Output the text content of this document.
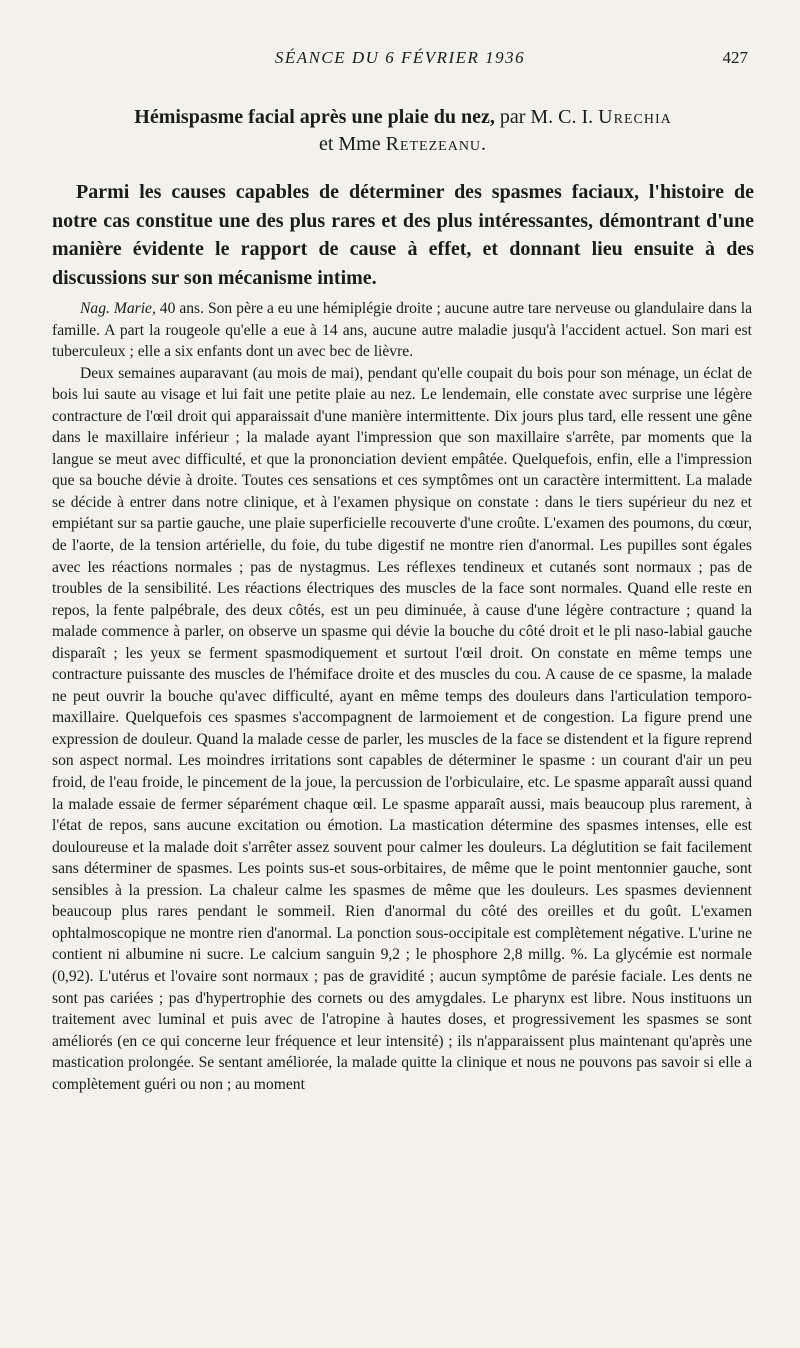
SÉANCE DU 6 FÉVRIER 1936	427
Hémispasme facial après une plaie du nez, par M. C. I. Urechia
et Mme Retezeanu.

Parmi les causes capables de déterminer des spasmes faciaux, l'histoire de notre cas constitue une des plus rares et des plus intéressantes, démontrant d'une manière évidente le rapport de cause à effet, et donnant lieu ensuite à des discussions sur son mécanisme intime.

Nag. Marie, 40 ans. Son père a eu une hémiplégie droite ; aucune autre tare nerveuse ou glandulaire dans la famille. A part la rougeole qu'elle a eue à 14 ans, aucune autre maladie jusqu'à l'accident actuel. Son mari est tuberculeux ; elle a six enfants dont un avec bec de lièvre.

Deux semaines auparavant (au mois de mai), pendant qu'elle coupait du bois pour son ménage, un éclat de bois lui saute au visage et lui fait une petite plaie au nez. Le lendemain, elle constate avec surprise une légère contracture de l'œil droit qui apparaissait d'une manière intermittente. Dix jours plus tard, elle ressent une gêne dans le maxillaire inférieur ; la malade ayant l'impression que son maxillaire s'arrête, par moments que la langue se meut avec difficulté, et que la prononciation devient empâtée. Quelquefois, enfin, elle a l'impression que sa bouche dévie à droite. Toutes ces sensations et ces symptômes ont un caractère intermittent. La malade se décide à entrer dans notre clinique, et à l'examen physique on constate : dans le tiers supérieur du nez et empiétant sur sa partie gauche, une plaie superficielle recouverte d'une croûte. L'examen des poumons, du cœur, de l'aorte, de la tension artérielle, du foie, du tube digestif ne montre rien d'anormal. Les pupilles sont égales avec les réactions normales ; pas de nystagmus. Les réflexes tendineux et cutanés sont normaux ; pas de troubles de la sensibilité. Les réactions électriques des muscles de la face sont normales. Quand elle reste en repos, la fente palpébrale, des deux côtés, est un peu diminuée, à cause d'une légère contracture ; quand la malade commence à parler, on observe un spasme qui dévie la bouche du côté droit et le pli naso-labial gauche disparaît ; les yeux se ferment spasmodiquement et surtout l'œil droit. On constate en même temps une contracture puissante des muscles de l'hémiface droite et des muscles du cou. A cause de ce spasme, la malade ne peut ouvrir la bouche qu'avec difficulté, ayant en même temps des douleurs dans l'articulation temporo-maxillaire. Quelquefois ces spasmes s'accompagnent de larmoiement et de congestion. La figure prend une expression de douleur. Quand la malade cesse de parler, les muscles de la face se distendent et la figure reprend son aspect normal. Les moindres irritations sont capables de déterminer le spasme : un courant d'air un peu froid, de l'eau froide, le pincement de la joue, la percussion de l'orbiculaire, etc. Le spasme apparaît aussi quand la malade essaie de fermer séparément chaque œil. Le spasme apparaît aussi, mais beaucoup plus rarement, à l'état de repos, sans aucune excitation ou émotion. La mastication détermine des spasmes intenses, elle est douloureuse et la malade doit s'arrêter assez souvent pour calmer les douleurs. La déglutition se fait facilement sans déterminer de spasmes. Les points sus-et sous-orbitaires, de même que le point mentonnier gauche, sont sensibles à la pression. La chaleur calme les spasmes de même que les douleurs. Les spasmes deviennent beaucoup plus rares pendant le sommeil. Rien d'anormal du côté des oreilles et du goût. L'examen ophtalmoscopique ne montre rien d'anormal. La ponction sous-occipitale est complètement négative. L'urine ne contient ni albumine ni sucre. Le calcium sanguin 9,2 ; le phosphore 2,8 millg. %. La glycémie est normale (0,92). L'utérus et l'ovaire sont normaux ; pas de gravidité ; aucun symptôme de parésie faciale. Les dents ne sont pas cariées ; pas d'hypertrophie des cornets ou des amygdales. Le pharynx est libre. Nous instituons un traitement avec luminal et puis avec de l'atropine à hautes doses, et progressivement les spasmes se sont améliorés (en ce qui concerne leur fréquence et leur intensité) ; ils n'apparaissent plus maintenant qu'après une mastication prolongée. Se sentant améliorée, la malade quitte la clinique et nous ne pouvons pas savoir si elle a complètement guéri ou non ; au moment
